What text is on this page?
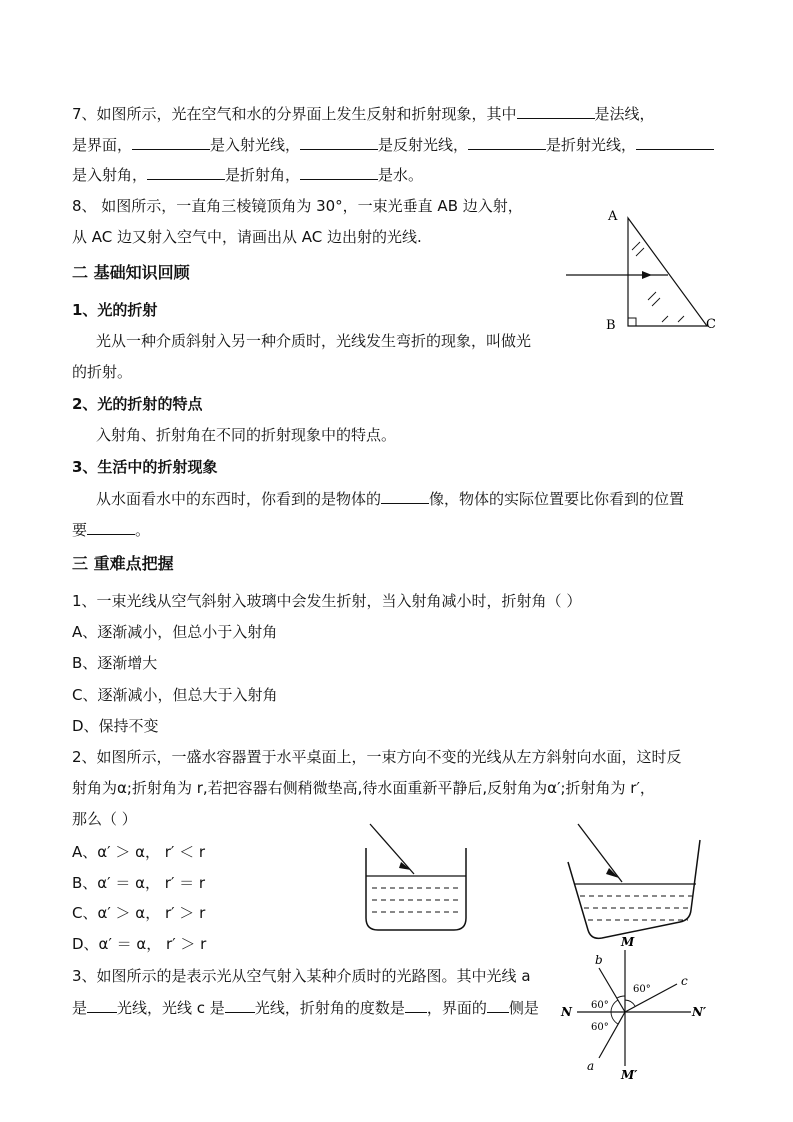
7、如图所示，光在空气和水的分界面上发生反射和折射现象，其中	是法线，
是界面，	是入射光线，	是反射光线，	是折射光线，
是入射角，	是折射角，	是水。
8、 如图所示，一直角三棱镜顶角为 30°，一束光垂直 AB 边入射，
从 AC 边又射入空气中，请画出从 AC 边出射的光线.
A
B	C
二 基础知识回顾
1、光的折射
光从一种介质斜射入另一种介质时，光线发生弯折的现象，叫做光
的折射。
2、光的折射的特点
入射角、折射角在不同的折射现象中的特点。
3、生活中的折射现象
从水面看水中的东西时，你看到的是物体的	像，物体的实际位置要比你看到的位置
要	。
三 重难点把握
1、一束光线从空气斜射入玻璃中会发生折射，当入射角减小时，折射角（ ）
A、逐渐减小，但总小于入射角
B、逐渐增大
C、逐渐减小，但总大于入射角
D、保持不变
2、如图所示，一盛水容器置于水平桌面上，一束方向不变的光线从左方斜射向水面，这时反
射角为α;折射角为 r,若把容器右侧稍微垫高,待水面重新平静后,反射角为α′;折射角为 r′，
那么（ ）
A、α′ ＞ α， r′ ＜ r
B、α′ ＝ α， r′ ＝ r
C、α′ ＞ α， r′ ＞ r
D、α′ ＝ α， r′ ＞ r
3、如图所示的是表示光从空气射入某种介质时的光路图。其中光线 a
是 光线，光线 c 是 光线，折射角的度数是 ，界面的 侧是
M
M′
N	N′
b
a
c
60°
60°
60°
